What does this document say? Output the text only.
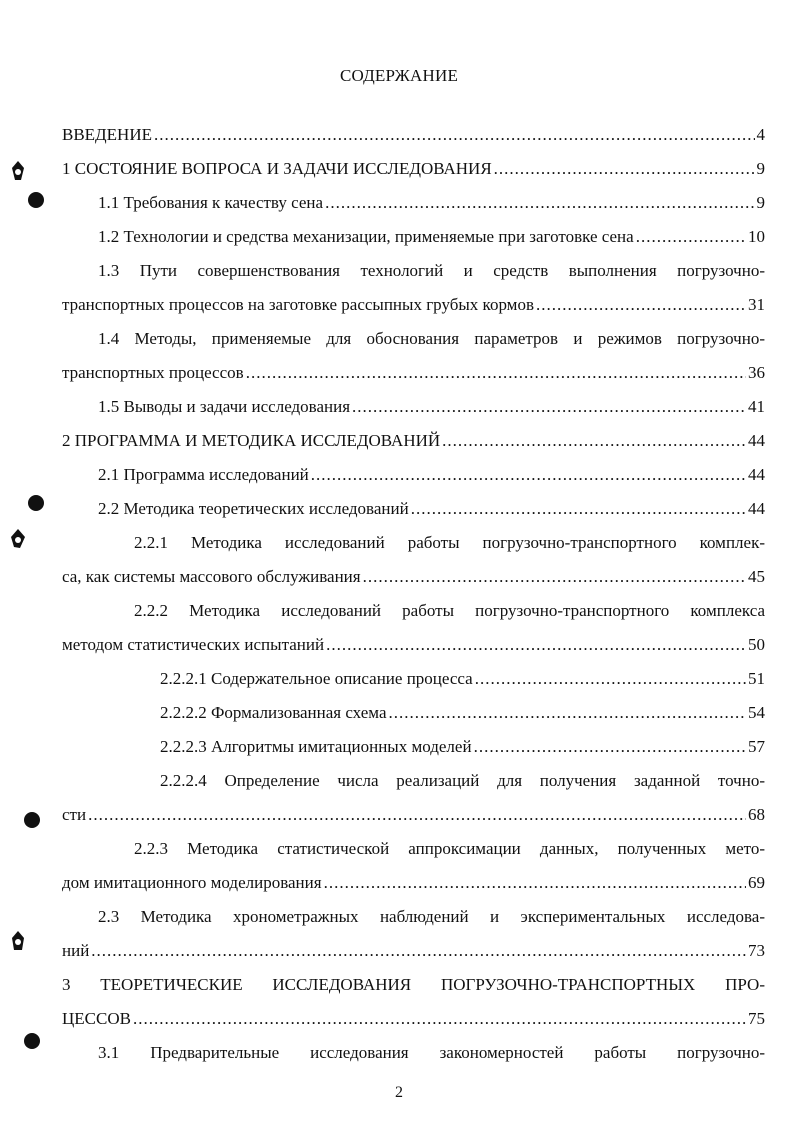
СОДЕРЖАНИЕ
ВВЕДЕНИЕ .....	4
1 СОСТОЯНИЕ ВОПРОСА И ЗАДАЧИ ИССЛЕДОВАНИЯ .....	9
1.1 Требования к качеству сена .....	9
1.2 Технологии и средства механизации, применяемые при заготовке сена .....	10
1.3 Пути совершенствования технологий и средств выполнения погрузочно-
транспортных процессов на заготовке рассыпных грубых кормов .....	31
1.4 Методы, применяемые для обоснования параметров и режимов погрузочно-
транспортных процессов .....	36
1.5 Выводы и задачи исследования .....	41
2 ПРОГРАММА И МЕТОДИКА ИССЛЕДОВАНИЙ .....	44
2.1 Программа исследований .....	44
2.2 Методика теоретических исследований .....	44
2.2.1 Методика исследований работы погрузочно-транспортного комплек-
са, как системы массового обслуживания .....	45
2.2.2 Методика исследований работы погрузочно-транспортного комплекса
методом статистических испытаний .....	50
2.2.2.1 Содержательное описание процесса .....	51
2.2.2.2 Формализованная схема .....	54
2.2.2.3 Алгоритмы имитационных моделей .....	57
2.2.2.4 Определение числа реализаций для получения заданной точно-
сти .....	68
2.2.3 Методика статистической аппроксимации данных, полученных мето-
дом имитационного моделирования .....	69
2.3 Методика хронометражных наблюдений и экспериментальных исследова-
ний .....	73
3 ТЕОРЕТИЧЕСКИЕ ИССЛЕДОВАНИЯ ПОГРУЗОЧНО-ТРАНСПОРТНЫХ ПРО-
ЦЕССОВ .....	75
3.1 Предварительные исследования закономерностей работы погрузочно-
2
